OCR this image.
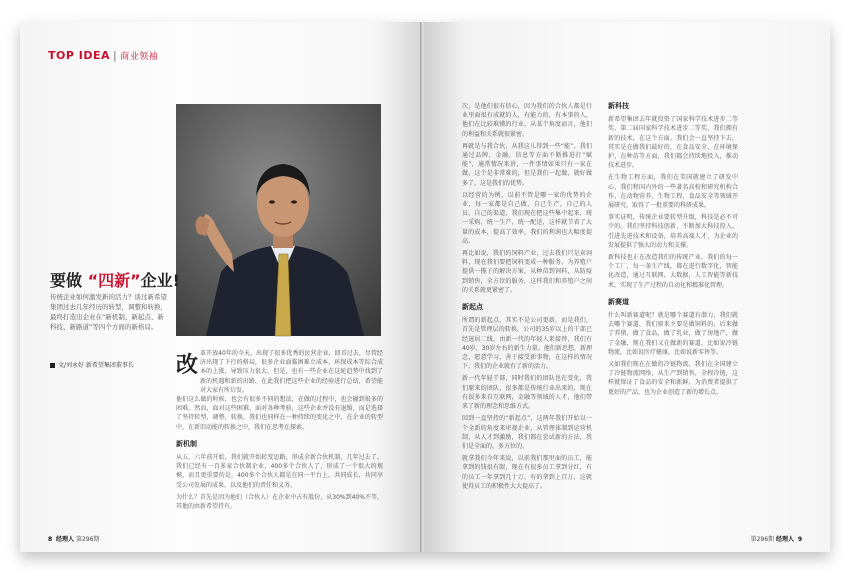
TOP IDEA | 商业领袖
要做 “四新”企业!
传统企业如何激发新的活力？谈过新希望集团过去几年经历的转型，调整和转换，最终打造出企业在“新机制、新起点、新科技、新路道”等四个方面的新格局。
文/刘永好 新希望集团董事长 改 革开放40年的今天，出现了很多优秀的民营企业，回首过去，尽管经济出现了下行的格局，很多企业面临困难立成本，环保成本等综合成本的上涨，导致压力很大，但是，也有一些企业在这轮趋势中找到了新的机遇和新的出路，在此我们把这些企业的经验进行总结，希望能对大家有所启发。
他们这么做的时候，也会有很多不同的想法，在做的过程中，也会碰到很多的困难，然而，面对这些困难，面对各种考验，这些企业并没有退缩，而是选择了坚持转型，调整，转换，我们也同样在一种持续的变化之中，在企业的转型中，在新旧动能的转换之中，我们在思考在探索。
新机制
从五、六年前开始，我们就开始转变思路，形成全新合伙机制，几年过去了，我们已经有一百多家合伙制企业，400多个合伙人了，形成了一个很大的规模，而且更重要的是，400多个合伙人都是在同一平台上，共同成长，共同享受公司发展的成果，以及他们的责任和义务。
为什么？首先是因为他们（合伙人）在企业中占有股份，从30%到40%不等，其他的由新希望持有。
8 经理人 第296期
次，是他们很有信心，因为我们的合伙人都是行业里面很有成就的人，有能力的，有本事的人，他们在比较难懂的行业，从某个角度而言，他们的利益和关系就很紧密。
再就是与我合伙，从我这儿得到一些“能”，我们通过品牌，金融，信息等方面不断推进打“赋能”，通常情况来讲，一件事情如果只有一家在做，这个是非常难的，但是我们一起做，就好做多了，这是我们的优势。
以经营的为例，以前不管是哪一家的优势的企业，每一家都是自己做，自己生产，自己的人员，自己的渠道，我们现在把这些集中起来，统一采购，统一生产，统一配送，这样就节省了大量的成本，提高了效率，我们的利润也大幅度提高。
再比如说，我们的饲料产业，过去我们只是卖饲料，现在我们要把饲料变成一种服务，为养殖户提供一揽子的解决方案，从种苗到饲料，从防疫到销售，全方位的服务，这样我们和养殖户之间的关系就更紧密了。
新起点
所谓的新起点，其实不是公司更新，而是我们，首先是管理层的转换，公司的35岁以上的干部已经退居二线，由新一代的年轻人来接替，我们有40岁，30岁左右的新生力量。他们新思想，新理念，愿意学习，善于接受新事物，在这样的情况下，我们的企业就有了新的活力。
新一代年轻干部，同时我们的团队也在变化，我们原来的团队，很多都是传统行业出来的，现在有很多来自互联网，金融等领域的人才，他们带来了新的理念和思维方式。
回到一直坚持的“新起点”，这两年我们开始以一个全新的角度来审视企业，从管理体制到运营机制，从人才到激励，我们都在尝试新的方法，我们是全面的，多方位的。
就拿我们今年来说，以前我们那里面的员工，能拿到的钱很有限，现在有很多员工拿到分红，有的员工一年拿到几十万，有的拿到上百万，这就使得员工的积极性大大提高了。
新科技
新希望集团去年就投资了国家科学技术进步二等奖、第二届国家科学技术进步二等奖，我们拥有新的技术，在这个方面，我们会一直坚持下去，其实是在做我们最好的，在食品安全，在环境保护，在种苗等方面，我们都会持续地投入，推动技术进步。
在生物工程方面，我们在美国就建立了研发中心，我们和国内外的一些著名高校和研究机构合作，在动物营养，生物工程，食品安全等领域开展研究，取得了一批重要的科研成果。
事实证明，传统企业要转型升级，科技是必不可少的。我们坚持科技创新，不断加大科技投入，引进先进技术和设备，培养高端人才，为企业的发展提供了强大的动力和支撑。
新科技也正在改造我们的传统产业，我们的每一个工厂，每一条生产线，都在进行数字化，智能化改造，通过互联网，大数据，人工智能等新技术，实现了生产过程的自动化和精准化管理。
新赛道
什么叫新赛道呢？就是哪个赛道有潜力，我们就去哪个赛道，我们原来主要是做饲料的，后来做了养猪，做了食品，做了乳业，做了房地产，做了金融，现在我们又在做新的赛道，比如说冷链物流，比如说医疗健康，比如说新零售等。
又如我们现在在做的冷链物流，我们在全国建立了冷链物流网络，从生产到销售，全程冷链，这样就保证了食品的安全和新鲜，为消费者提供了更好的产品，也为企业创造了新的增长点。
第296期 经理人 9
